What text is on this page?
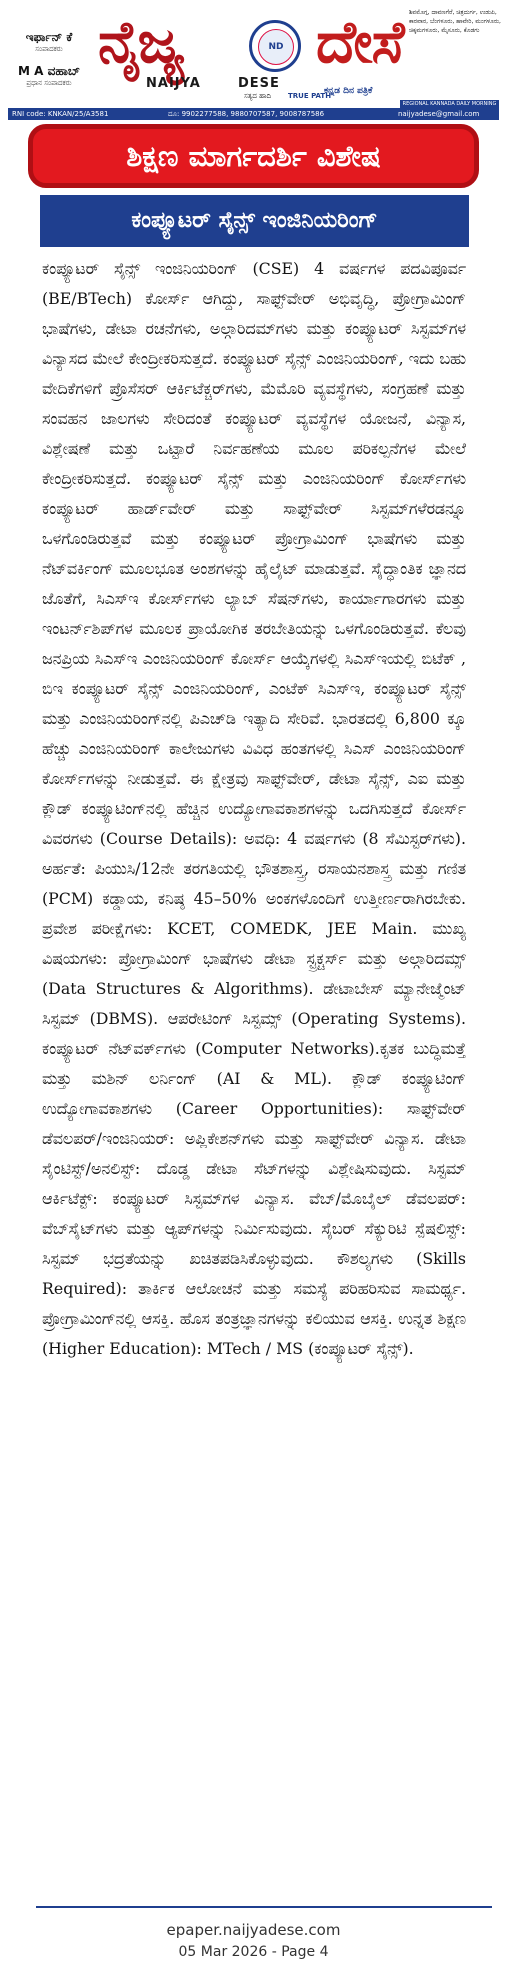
ಇರ್ಫಾನ್ ಕೆ
ಸಂಪಾದಕರು
M A ವಹಾಬ್
ಪ್ರಧಾನ ಸಂಪಾದಕರು
ನೈಜ್ಯ	ND ದೇಸೆ
NAIJYA	DESE
ಸತ್ಯದ ಹಾದಿ TRUE PATH
ಕನ್ನಡ ದಿನ ಪತ್ರಿಕೆ
ಶಿವಮೊಗ್ಗ, ದಾವಣಗೆರೆ, ಚಿತ್ರದುರ್ಗ, ಉಡುಪಿ, ಕಾರವಾರ, ಬೆಂಗಳೂರು, ಹಾವೇರಿ, ಮಂಗಳೂರು, ಚಿಕ್ಕಮಗಳೂರು, ಮೈಸೂರು, ಕೊಡಗು
REGIONAL KANNADA DAILY MORNING
RNI code: KNKAN/25/A3581	ದೂ: 9902277588, 9880707587, 9008787586	naijyadese@gmail.com
ಶಿಕ್ಷಣ ಮಾರ್ಗದರ್ಶಿ ವಿಶೇಷ
ಕಂಪ್ಯೂಟರ್ ಸೈನ್ಸ್ ಇಂಜಿನಿಯರಿಂಗ್
ಕಂಪ್ಯೂಟರ್ ಸೈನ್ಸ್ ಇಂಜಿನಿಯರಿಂಗ್ (CSE) 4 ವರ್ಷಗಳ ಪದವಿಪೂರ್ವ (BE/BTech) ಕೋರ್ಸ್ ಆಗಿದ್ದು, ಸಾಫ್ಟ್‌ವೇರ್ ಅಭಿವೃದ್ಧಿ, ಪ್ರೋಗ್ರಾಮಿಂಗ್ ಭಾಷೆಗಳು, ಡೇಟಾ ರಚನೆಗಳು, ಅಲ್ಗಾರಿದಮ್‌ಗಳು ಮತ್ತು ಕಂಪ್ಯೂಟರ್ ಸಿಸ್ಟಮ್‌ಗಳ ವಿನ್ಯಾಸದ ಮೇಲೆ ಕೇಂದ್ರೀಕರಿಸುತ್ತದೆ. ಕಂಪ್ಯೂಟರ್ ಸೈನ್ಸ್ ಎಂಜಿನಿಯರಿಂಗ್, ಇದು ಬಹು ವೇದಿಕೆಗಳಿಗೆ ಪ್ರೊಸೆಸರ್ ಆರ್ಕಿಟೆಕ್ಚರ್‌ಗಳು, ಮೆಮೊರಿ ವ್ಯವಸ್ಥೆಗಳು, ಸಂಗ್ರಹಣೆ ಮತ್ತು ಸಂವಹನ ಜಾಲಗಳು ಸೇರಿದಂತೆ ಕಂಪ್ಯೂಟರ್ ವ್ಯವಸ್ಥೆಗಳ ಯೋಜನೆ, ವಿನ್ಯಾಸ, ವಿಶ್ಲೇಷಣೆ ಮತ್ತು ಒಟ್ಟಾರೆ ನಿರ್ವಹಣೆಯ ಮೂಲ ಪರಿಕಲ್ಪನೆಗಳ ಮೇಲೆ ಕೇಂದ್ರೀಕರಿಸುತ್ತದೆ. ಕಂಪ್ಯೂಟರ್ ಸೈನ್ಸ್ ಮತ್ತು ಎಂಜಿನಿಯರಿಂಗ್ ಕೋರ್ಸ್‌ಗಳು ಕಂಪ್ಯೂಟರ್ ಹಾರ್ಡ್‌ವೇರ್ ಮತ್ತು ಸಾಫ್ಟ್‌ವೇರ್ ಸಿಸ್ಟಮ್‌ಗಳೆರಡನ್ನೂ ಒಳಗೊಂಡಿರುತ್ತವೆ ಮತ್ತು ಕಂಪ್ಯೂಟರ್ ಪ್ರೋಗ್ರಾಮಿಂಗ್ ಭಾಷೆಗಳು ಮತ್ತು ನೆಟ್‌ವರ್ಕಿಂಗ್ ಮೂಲಭೂತ ಅಂಶಗಳನ್ನು ಹೈಲೈಟ್ ಮಾಡುತ್ತವೆ. ಸೈದ್ಧಾಂತಿಕ ಜ್ಞಾನದ ಜೊತೆಗೆ, ಸಿಎಸ್‌ಇ ಕೋರ್ಸ್‌ಗಳು ಲ್ಯಾಬ್ ಸೆಷನ್‌ಗಳು, ಕಾರ್ಯಾಗಾರಗಳು ಮತ್ತು ಇಂಟರ್ನ್‌ಶಿಪ್‌ಗಳ ಮೂಲಕ ಪ್ರಾಯೋಗಿಕ ತರಬೇತಿಯನ್ನು ಒಳಗೊಂಡಿರುತ್ತವೆ. ಕೆಲವು ಜನಪ್ರಿಯ ಸಿಎಸ್‌ಇ ಎಂಜಿನಿಯರಿಂಗ್ ಕೋರ್ಸ್ ಆಯ್ಕೆಗಳಲ್ಲಿ ಸಿಎಸ್‌ಇಯಲ್ಲಿ ಬಿಟೆಕ್ , ಬಿಇ ಕಂಪ್ಯೂಟರ್ ಸೈನ್ಸ್ ಎಂಜಿನಿಯರಿಂಗ್, ಎಂಟೆಕ್ ಸಿಎಸ್‌ಇ, ಕಂಪ್ಯೂಟರ್ ಸೈನ್ಸ್ ಮತ್ತು ಎಂಜಿನಿಯರಿಂಗ್‌ನಲ್ಲಿ ಪಿಎಚ್‌ಡಿ ಇತ್ಯಾದಿ ಸೇರಿವೆ. ಭಾರತದಲ್ಲಿ 6,800 ಕ್ಕೂ ಹೆಚ್ಚು ಎಂಜಿನಿಯರಿಂಗ್ ಕಾಲೇಜುಗಳು ವಿವಿಧ ಹಂತಗಳಲ್ಲಿ ಸಿಎಸ್‌ ಎಂಜಿನಿಯರಿಂಗ್ ಕೋರ್ಸ್‌ಗಳನ್ನು ನೀಡುತ್ತವೆ. ಈ ಕ್ಷೇತ್ರವು ಸಾಫ್ಟ್‌ವೇರ್, ಡೇಟಾ ಸೈನ್ಸ್, ಎಐ ಮತ್ತು ಕ್ಲೌಡ್ ಕಂಪ್ಯೂಟಿಂಗ್‌ನಲ್ಲಿ ಹೆಚ್ಚಿನ ಉದ್ಯೋಗಾವಕಾಶಗಳನ್ನು ಒದಗಿಸುತ್ತದೆ ಕೋರ್ಸ್ ವಿವರಗಳು (Course Details): ಅವಧಿ: 4 ವರ್ಷಗಳು (8 ಸೆಮಿಸ್ಟರ್‌ಗಳು). ಅರ್ಹತೆ: ಪಿಯುಸಿ/12ನೇ ತರಗತಿಯಲ್ಲಿ ಭೌತಶಾಸ್ತ್ರ, ರಸಾಯನಶಾಸ್ತ್ರ ಮತ್ತು ಗಣಿತ (PCM) ಕಡ್ಡಾಯ, ಕನಿಷ್ಠ 45–50% ಅಂಕಗಳೊಂದಿಗೆ ಉತ್ತೀರ್ಣರಾಗಿರಬೇಕು. ಪ್ರವೇಶ ಪರೀಕ್ಷೆಗಳು: KCET, COMEDK, JEE Main. ಮುಖ್ಯ ವಿಷಯಗಳು: ಪ್ರೋಗ್ರಾಮಿಂಗ್ ಭಾಷೆಗಳು ಡೇಟಾ ಸ್ಟ್ರಕ್ಚರ್ಸ್ ಮತ್ತು ಅಲ್ಗಾರಿದಮ್ಸ್ (Data Structures & Algorithms). ಡೇಟಾಬೇಸ್ ಮ್ಯಾನೇಜ್ಮೆಂಟ್ ಸಿಸ್ಟಮ್ (DBMS). ಆಪರೇಟಿಂಗ್ ಸಿಸ್ಟಮ್ಸ್ (Operating Systems). ಕಂಪ್ಯೂಟರ್ ನೆಟ್‌ವರ್ಕ್‌ಗಳು (Computer Networks).ಕೃತಕ ಬುದ್ಧಿಮತ್ತೆ ಮತ್ತು ಮಶಿನ್ ಲರ್ನಿಂಗ್ (AI & ML). ಕ್ಲೌಡ್ ಕಂಪ್ಯೂಟಿಂಗ್ ಉದ್ಯೋಗಾವಕಾಶಗಳು (Career Opportunities): ಸಾಫ್ಟ್‌ವೇರ್ ಡೆವಲಪರ್/ಇಂಜಿನಿಯರ್: ಅಪ್ಲಿಕೇಶನ್‌ಗಳು ಮತ್ತು ಸಾಫ್ಟ್‌ವೇರ್ ವಿನ್ಯಾಸ. ಡೇಟಾ ಸೈಂಟಿಸ್ಟ್/ಅನಲಿಸ್ಟ್: ದೊಡ್ಡ ಡೇಟಾ ಸೆಟ್‌ಗಳನ್ನು ವಿಶ್ಲೇಷಿಸುವುದು. ಸಿಸ್ಟಮ್ ಆರ್ಕಿಟೆಕ್ಟ್: ಕಂಪ್ಯೂಟರ್ ಸಿಸ್ಟಮ್‌ಗಳ ವಿನ್ಯಾಸ. ವೆಬ್/ಮೊಬೈಲ್ ಡೆವಲಪರ್: ವೆಬ್‌ಸೈಟ್‌ಗಳು ಮತ್ತು ಆ್ಯಪ್‌ಗಳನ್ನು ನಿರ್ಮಿಸುವುದು. ಸೈಬರ್ ಸೆಕ್ಯುರಿಟಿ ಸ್ಪೆಷಲಿಸ್ಟ್: ಸಿಸ್ಟಮ್ ಭದ್ರತೆಯನ್ನು ಖಚಿತಪಡಿಸಿಕೊಳ್ಳುವುದು. ಕೌಶಲ್ಯಗಳು (Skills Required): ತಾರ್ಕಿಕ ಆಲೋಚನೆ ಮತ್ತು ಸಮಸ್ಯೆ ಪರಿಹರಿಸುವ ಸಾಮರ್ಥ್ಯ. ಪ್ರೋಗ್ರಾಮಿಂಗ್‌ನಲ್ಲಿ ಆಸಕ್ತಿ. ಹೊಸ ತಂತ್ರಜ್ಞಾನಗಳನ್ನು ಕಲಿಯುವ ಆಸಕ್ತಿ. ಉನ್ನತ ಶಿಕ್ಷಣ (Higher Education): MTech / MS (ಕಂಪ್ಯೂಟರ್ ಸೈನ್ಸ್).
epaper.naijyadese.com
05 Mar 2026 - Page 4
